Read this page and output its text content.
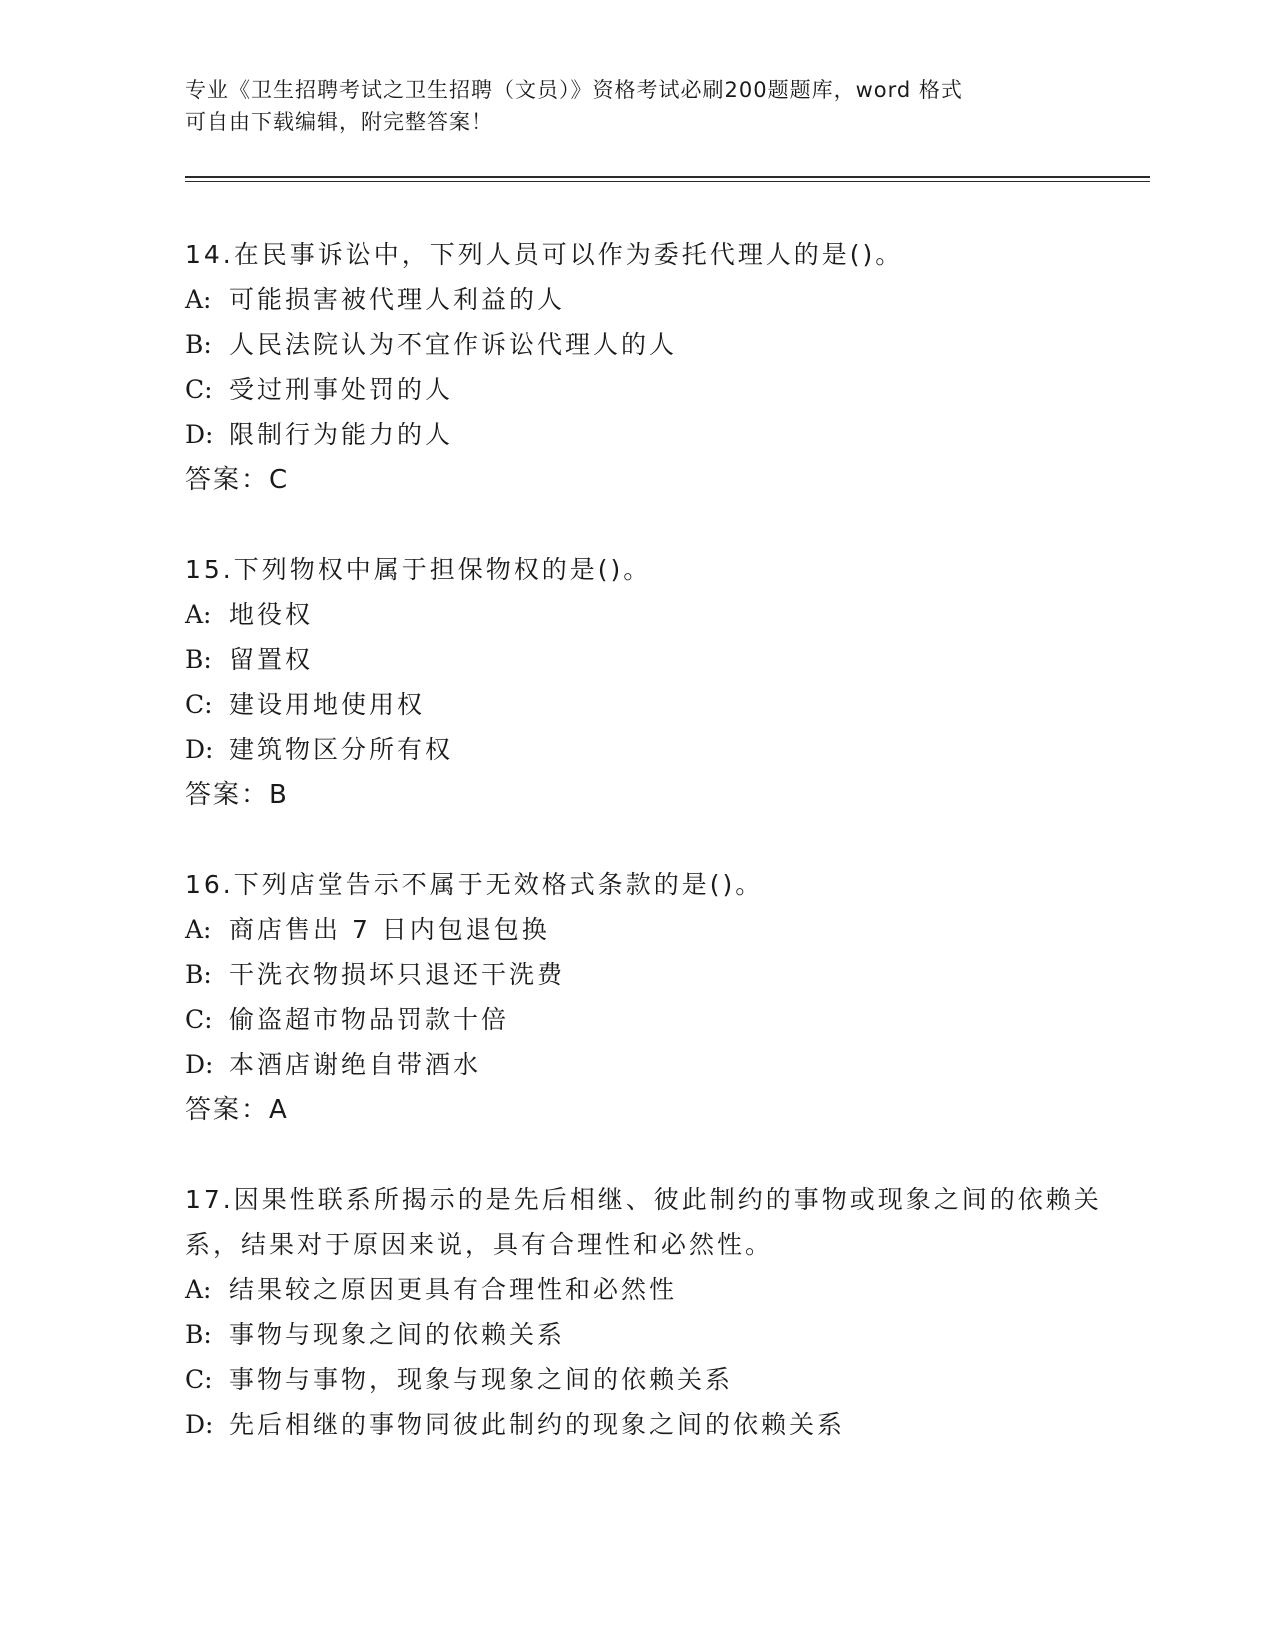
专业《卫生招聘考试之卫生招聘（文员）》资格考试必刷200题题库，word 格式
可自由下载编辑，附完整答案！

14.在民事诉讼中，下列人员可以作为委托代理人的是()。

A: 可能损害被代理人利益的人

B: 人民法院认为不宜作诉讼代理人的人

C: 受过刑事处罚的人

D: 限制行为能力的人

答案：C

15.下列物权中属于担保物权的是()。

A: 地役权

B: 留置权

C: 建设用地使用权

D: 建筑物区分所有权

答案：B

16.下列店堂告示不属于无效格式条款的是()。

A: 商店售出 7 日内包退包换

B: 干洗衣物损坏只退还干洗费

C: 偷盗超市物品罚款十倍

D: 本酒店谢绝自带酒水

答案：A

17.因果性联系所揭示的是先后相继、彼此制约的事物或现象之间的依赖关系，结果对于原因来说，具有合理性和必然性。

A: 结果较之原因更具有合理性和必然性

B: 事物与现象之间的依赖关系

C: 事物与事物，现象与现象之间的依赖关系

D: 先后相继的事物同彼此制约的现象之间的依赖关系
